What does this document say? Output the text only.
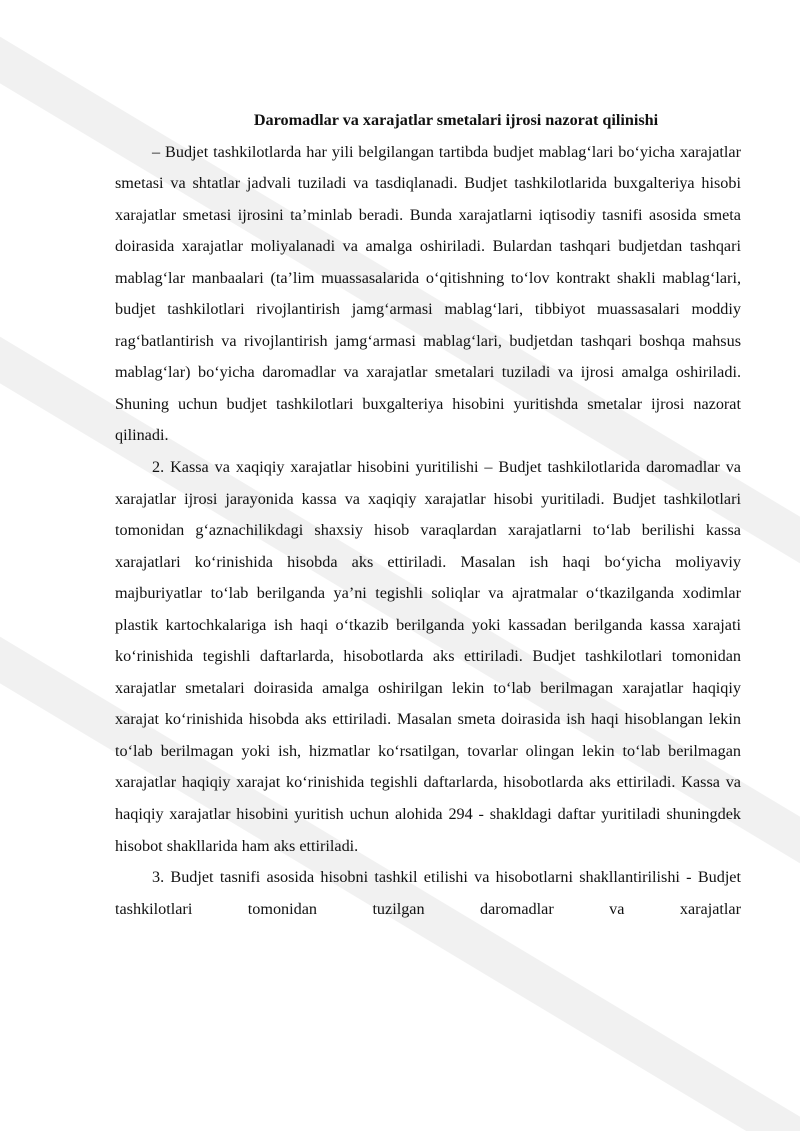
Daromadlar va xarajatlar smetalari ijrosi nazorat qilinishi

– Budjet tashkilotlarda har yili belgilangan tartibda budjet mablag‘lari bo‘yicha xarajatlar smetasi va shtatlar jadvali tuziladi va tasdiqlanadi. Budjet tashkilotlarida buxgalteriya hisobi xarajatlar smetasi ijrosini ta’minlab beradi. Bunda xarajatlarni iqtisodiy tasnifi asosida smeta doirasida xarajatlar moliyalanadi va amalga oshiriladi. Bulardan tashqari budjetdan tashqari mablag‘lar manbaalari (ta’lim muassasalarida o‘qitishning to‘lov kontrakt shakli mablag‘lari, budjet tashkilotlari rivojlantirish jamg‘armasi mablag‘lari, tibbiyot muassasalari moddiy rag‘batlantirish va rivojlantirish jamg‘armasi mablag‘lari, budjetdan tashqari boshqa mahsus mablag‘lar) bo‘yicha daromadlar va xarajatlar smetalari tuziladi va ijrosi amalga oshiriladi. Shuning uchun budjet tashkilotlari buxgalteriya hisobini yuritishda smetalar ijrosi nazorat qilinadi.

2. Kassa va xaqiqiy xarajatlar hisobini yuritilishi – Budjet tashkilotlarida daromadlar va xarajatlar ijrosi jarayonida kassa va xaqiqiy xarajatlar hisobi yuritiladi. Budjet tashkilotlari tomonidan g‘aznachilikdagi shaxsiy hisob varaqlardan xarajatlarni to‘lab berilishi kassa xarajatlari ko‘rinishida hisobda aks ettiriladi. Masalan ish haqi bo‘yicha moliyaviy majburiyatlar to‘lab berilganda ya’ni tegishli soliqlar va ajratmalar o‘tkazilganda xodimlar plastik kartochkalariga ish haqi o‘tkazib berilganda yoki kassadan berilganda kassa xarajati ko‘rinishida tegishli daftarlarda, hisobotlarda aks ettiriladi. Budjet tashkilotlari tomonidan xarajatlar smetalari doirasida amalga oshirilgan lekin to‘lab berilmagan xarajatlar haqiqiy xarajat ko‘rinishida hisobda aks ettiriladi. Masalan smeta doirasida ish haqi hisoblangan lekin to‘lab berilmagan yoki ish, hizmatlar ko‘rsatilgan, tovarlar olingan lekin to‘lab berilmagan xarajatlar haqiqiy xarajat ko‘rinishida tegishli daftarlarda, hisobotlarda aks ettiriladi. Kassa va haqiqiy xarajatlar hisobini yuritish uchun alohida 294 - shakldagi daftar yuritiladi shuningdek hisobot shakllarida ham aks ettiriladi.

3. Budjet tasnifi asosida hisobni tashkil etilishi va hisobotlarni shakllantirilishi - Budjet tashkilotlari tomonidan tuzilgan daromadlar va xarajatlar
